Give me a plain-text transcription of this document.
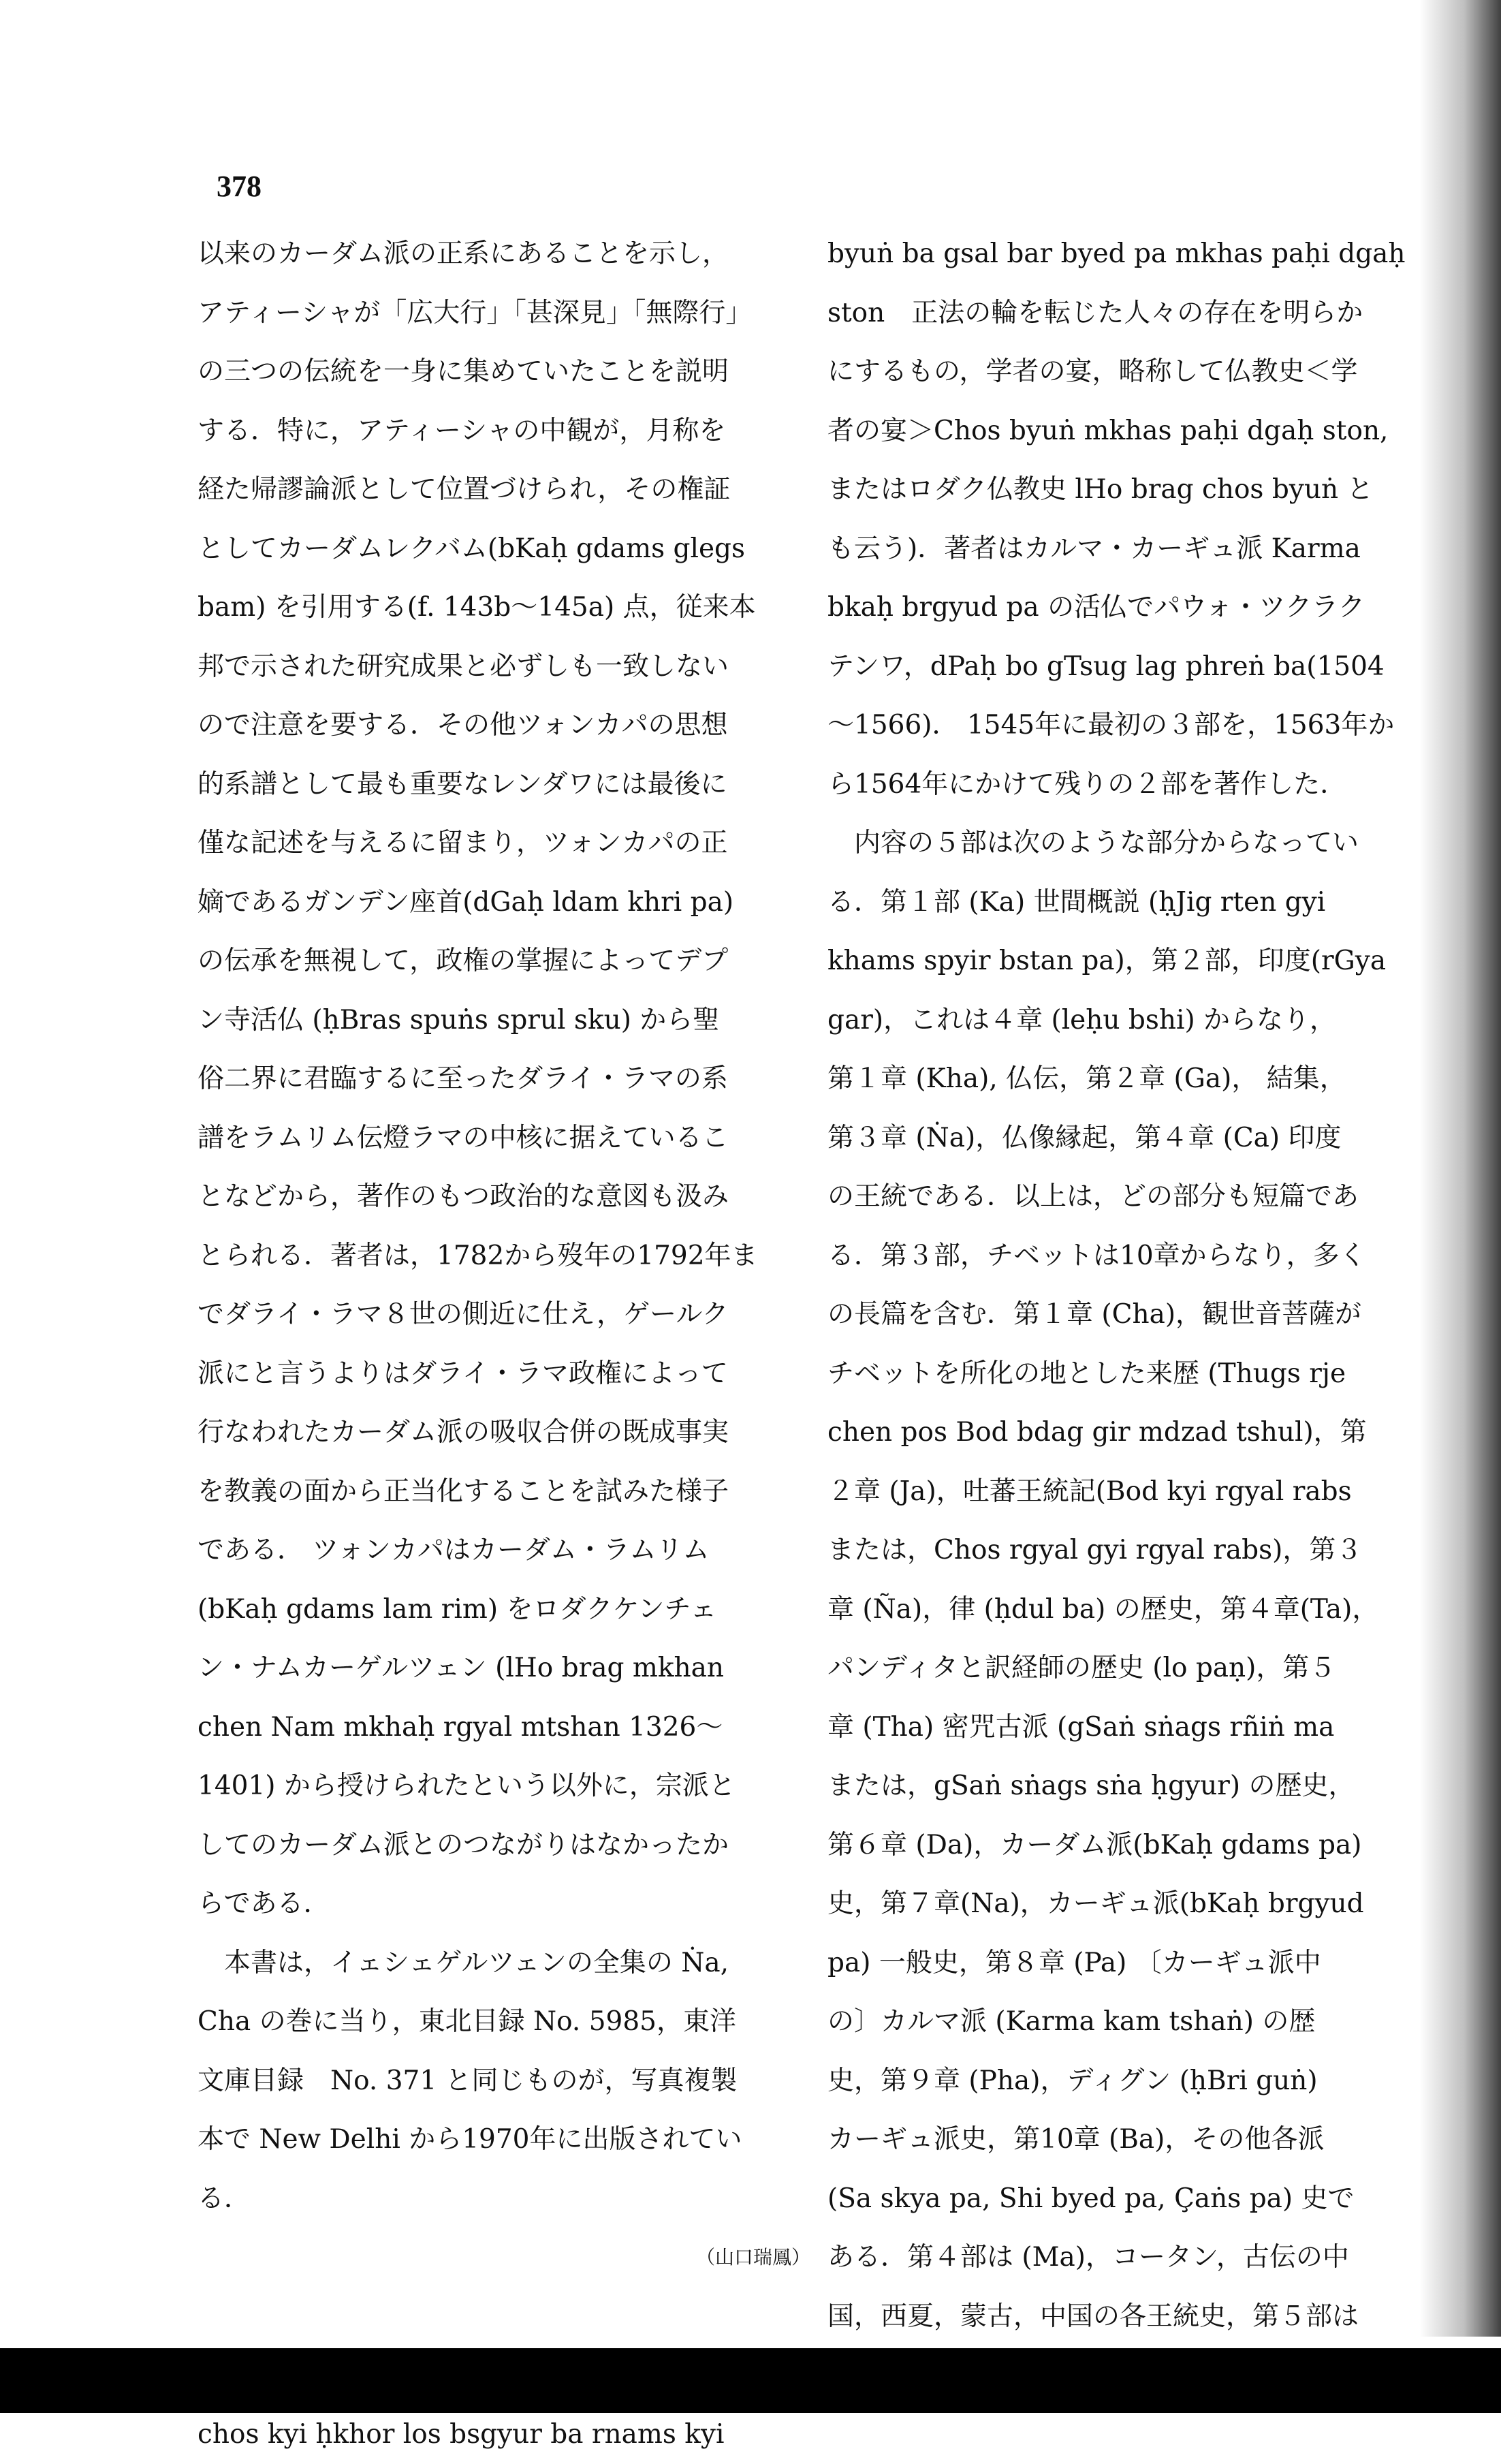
378
以来のカーダム派の正系にあることを示し，
アティーシャが「広大行」「甚深見」「無際行」
の三つの伝統を一身に集めていたことを説明
する．特に，アティーシャの中観が，月称を
経た帰謬論派として位置づけられ，その権証
としてカーダムレクバム(bKaḥ gdams glegs
bam) を引用する(f. 143b～145a) 点，従来本
邦で示された研究成果と必ずしも一致しない
ので注意を要する．その他ツォンカパの思想
的系譜として最も重要なレンダワには最後に
僅な記述を与えるに留まり，ツォンカパの正
嫡であるガンデン座首(dGaḥ ldam khri pa)
の伝承を無視して，政権の掌握によってデプ
ン寺活仏 (ḥBras spuṅs sprul sku) から聖
俗二界に君臨するに至ったダライ・ラマの系
譜をラムリム伝燈ラマの中核に据えているこ
となどから，著作のもつ政治的な意図も汲み
とられる．著者は，1782から歿年の1792年ま
でダライ・ラマ８世の側近に仕え，ゲールク
派にと言うよりはダライ・ラマ政権によって
行なわれたカーダム派の吸収合併の既成事実
を教義の面から正当化することを試みた様子
である． ツォンカパはカーダム・ラムリム
(bKaḥ gdams lam rim) をロダクケンチェ
ン・ナムカーゲルツェン (lHo brag mkhan
chen Nam mkhaḥ rgyal mtshan 1326～
1401) から授けられたという以外に，宗派と
してのカーダム派とのつながりはなかったか
らである．
　本書は，イェシェゲルツェンの全集の Ṅa,
Cha の巻に当り，東北目録 No. 5985，東洋
文庫目録　No. 371 と同じものが，写真複製
本で New Delhi から1970年に出版されてい
る．
（山口瑞鳳）
chos kyi ḥkhor los bsgyur ba rnams kyi
byuṅ ba gsal bar byed pa mkhas paḥi dgaḥ
ston　正法の輪を転じた人々の存在を明らか
にするもの，学者の宴，略称して仏教史＜学
者の宴＞Chos byuṅ mkhas paḥi dgaḥ ston,
またはロダク仏教史 lHo brag chos byuṅ と
も云う)．著者はカルマ・カーギュ派 Karma
bkaḥ brgyud pa の活仏でパウォ・ツクラク
テンワ，dPaḥ bo gTsug lag phreṅ ba(1504
～1566)． 1545年に最初の３部を，1563年か
ら1564年にかけて残りの２部を著作した．
　内容の５部は次のような部分からなってい
る．第１部 (Ka) 世間概説 (ḥJig rten gyi
khams spyir bstan pa)，第２部，印度(rGya
gar)，これは４章 (leḥu bshi) からなり，
第１章 (Kha), 仏伝，第２章 (Ga)， 結集，
第３章 (Ṅa)，仏像縁起，第４章 (Ca) 印度
の王統である．以上は，どの部分も短篇であ
る．第３部，チベットは10章からなり，多く
の長篇を含む．第１章 (Cha)，観世音菩薩が
チベットを所化の地とした来歴 (Thugs rje
chen pos Bod bdag gir mdzad tshul)，第
２章 (Ja)，吐蕃王統記(Bod kyi rgyal rabs
または，Chos rgyal gyi rgyal rabs)，第３
章 (Ña)，律 (ḥdul ba) の歴史，第４章(Ta)，
パンディタと訳経師の歴史 (lo paṇ)，第５
章 (Tha) 密咒古派 (gSaṅ sṅags rñiṅ ma
または，gSaṅ sṅags sṅa ḥgyur) の歴史，
第６章 (Da)，カーダム派(bKaḥ gdams pa)
史，第７章(Na)，カーギュ派(bKaḥ brgyud
pa) 一般史，第８章 (Pa) 〔カーギュ派中
の〕カルマ派 (Karma kam tshaṅ) の歴
史，第９章 (Pha)，ディグン (ḥBri guṅ)
カーギュ派史，第10章 (Ba)，その他各派
(Sa skya pa, Shi byed pa, Çaṅs pa) 史で
ある．第４部は (Ma)，コータン，古伝の中
国，西夏，蒙古，中国の各王統史，第５部は
